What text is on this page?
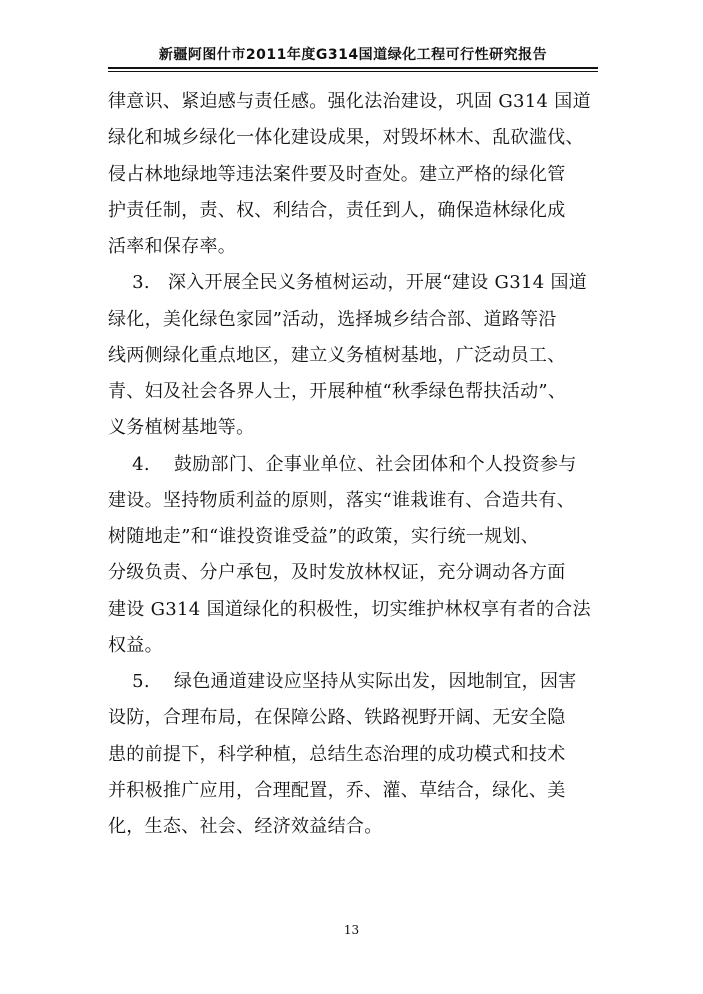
新疆阿图什市2011年度G314国道绿化工程可行性研究报告
律意识、紧迫感与责任感。强化法治建设，巩固 G314 国道
绿化和城乡绿化一体化建设成果，对毁坏林木、乱砍滥伐、
侵占林地绿地等违法案件要及时查处。建立严格的绿化管
护责任制，责、权、利结合，责任到人，确保造林绿化成
活率和保存率。
3.   深入开展全民义务植树运动，开展“建设 G314 国道
绿化，美化绿色家园”活动，选择城乡结合部、道路等沿
线两侧绿化重点地区，建立义务植树基地，广泛动员工、
青、妇及社会各界人士，开展种植“秋季绿色帮扶活动”、
义务植树基地等。
4.    鼓励部门、企事业单位、社会团体和个人投资参与
建设。坚持物质利益的原则，落实“谁栽谁有、合造共有、
树随地走”和“谁投资谁受益”的政策，实行统一规划、
分级负责、分户承包，及时发放林权证，充分调动各方面
建设 G314 国道绿化的积极性，切实维护林权享有者的合法
权益。
5.    绿色通道建设应坚持从实际出发，因地制宜，因害
设防，合理布局，在保障公路、铁路视野开阔、无安全隐
患的前提下，科学种植，总结生态治理的成功模式和技术
并积极推广应用，合理配置，乔、灌、草结合，绿化、美
化，生态、社会、经济效益结合。
13
